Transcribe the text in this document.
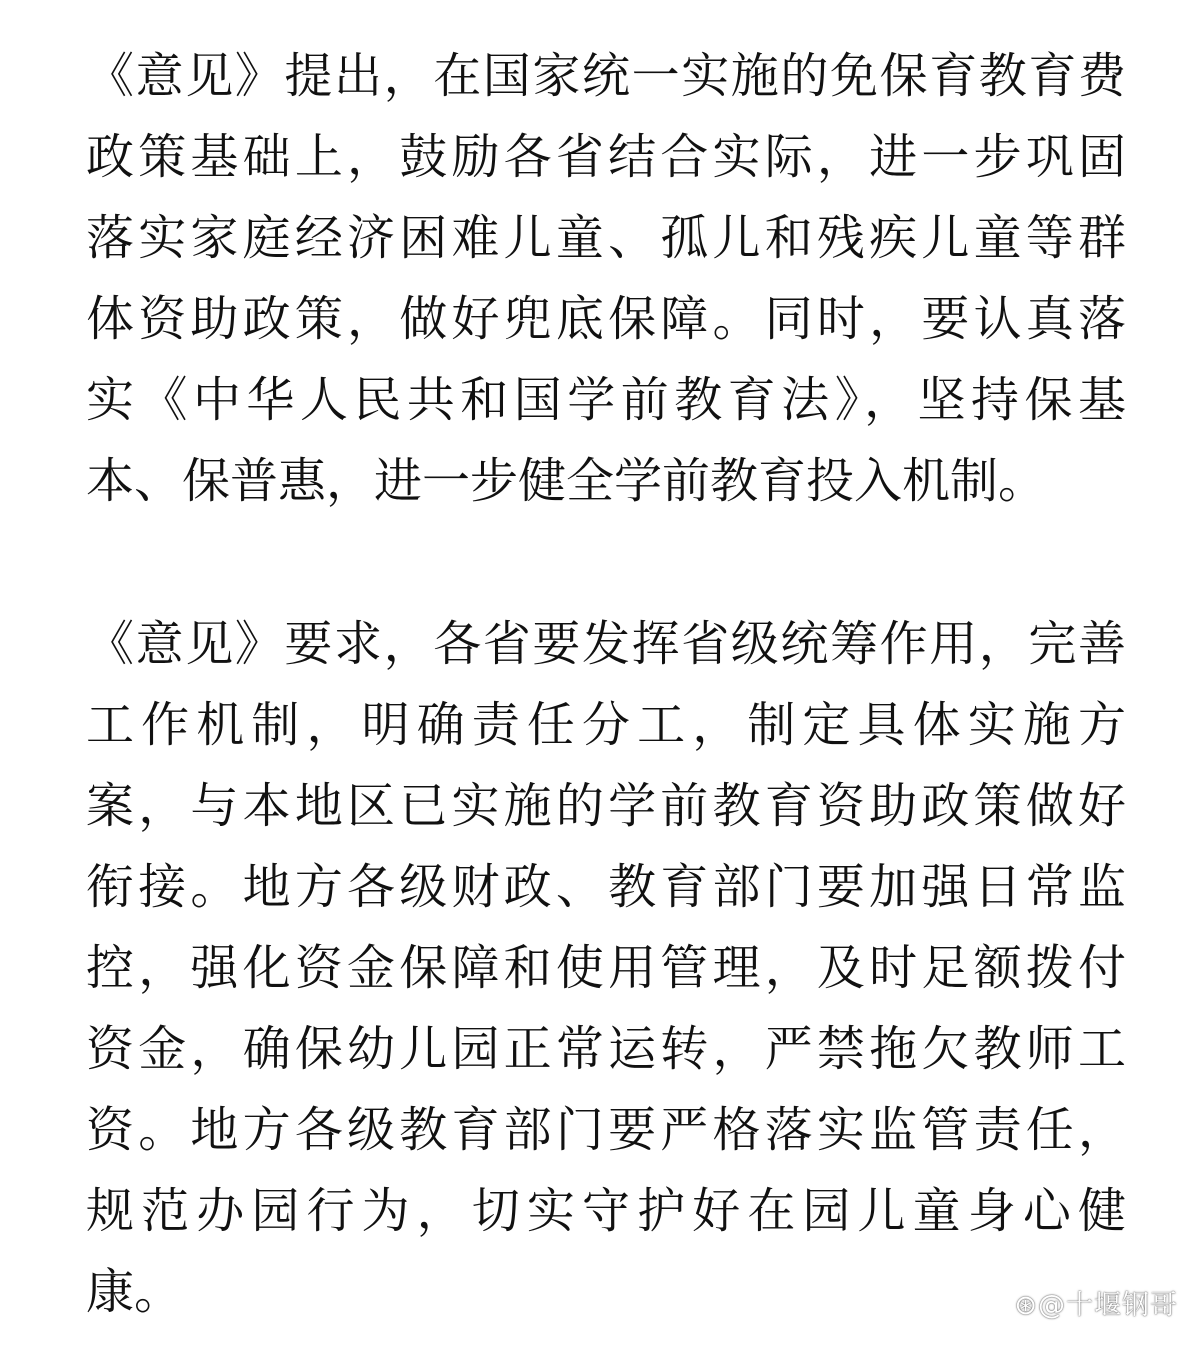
《意见》提出，在国家统一实施的免保育教育费
政策基础上，鼓励各省结合实际，进一步巩固
落实家庭经济困难儿童、孤儿和残疾儿童等群
体资助政策，做好兜底保障。同时，要认真落
实《中华人民共和国学前教育法》，坚持保基
本、保普惠，进一步健全学前教育投入机制。
《意见》要求，各省要发挥省级统筹作用，完善
工作机制，明确责任分工，制定具体实施方
案，与本地区已实施的学前教育资助政策做好
衔接。地方各级财政、教育部门要加强日常监
控，强化资金保障和使用管理，及时足额拨付
资金，确保幼儿园正常运转，严禁拖欠教师工
资。地方各级教育部门要严格落实监管责任，
规范办园行为，切实守护好在园儿童身心健
康。	⊛@十堰钢哥
